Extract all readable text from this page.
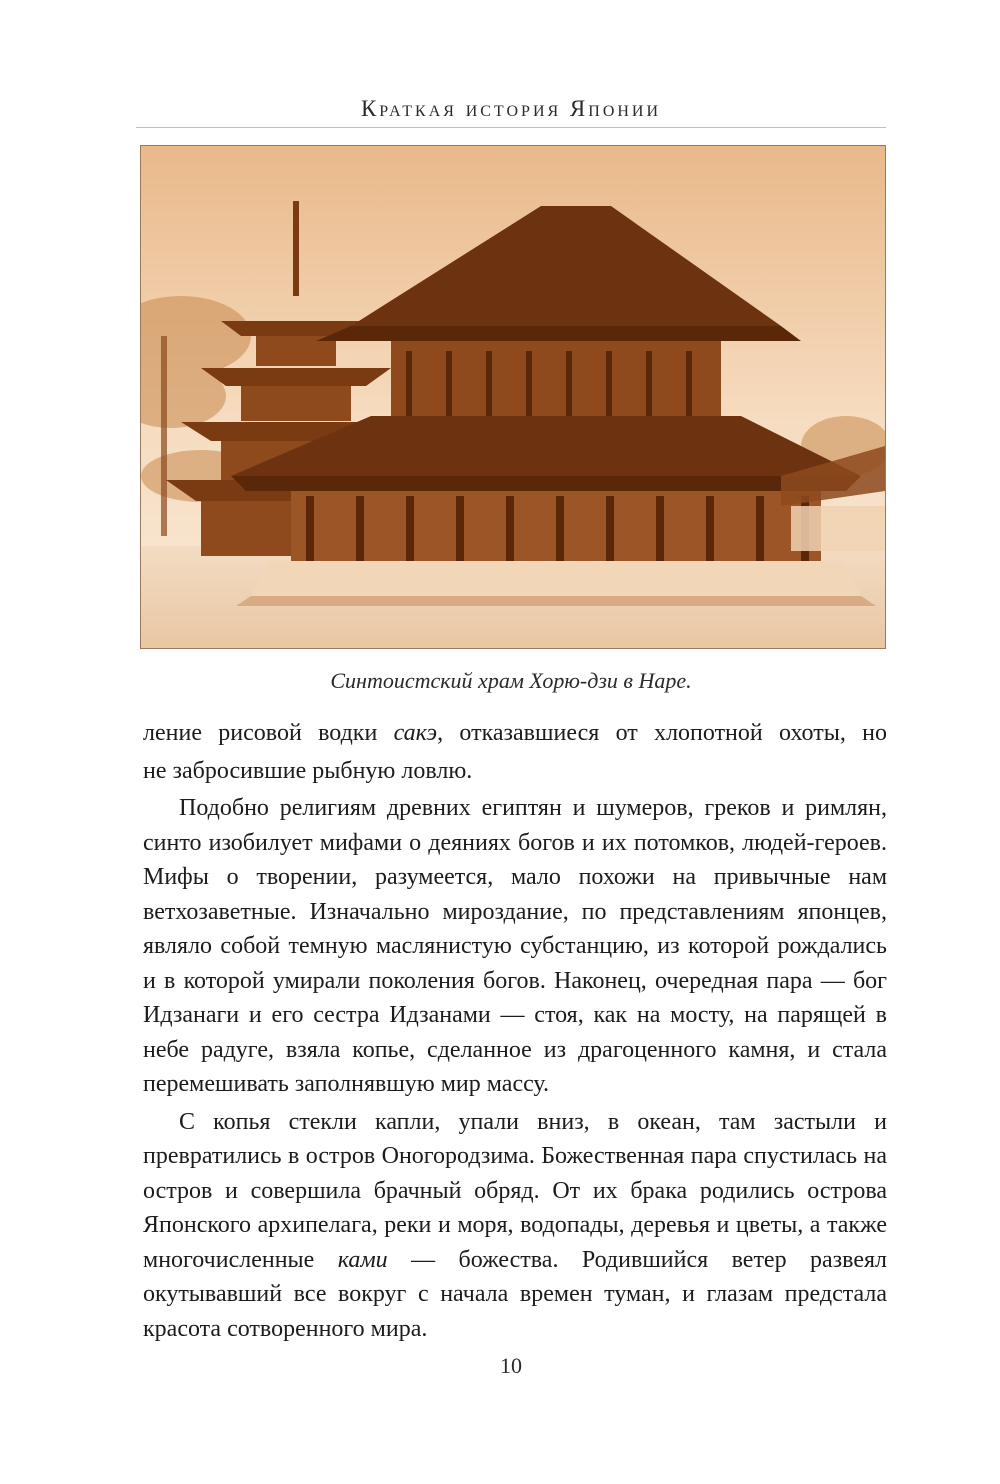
Краткая история Японии
Синтоистский храм Хорю-дзи в Наре.

ление рисовой водки сакэ, отказавшиеся от хлопотной охоты, но

не забросившие рыбную ловлю.

Подобно религиям древних египтян и шумеров, греков и римлян, синто изобилует мифами о деяниях богов и их потомков, людей-героев. Мифы о творении, разумеется, мало похожи на привычные нам ветхозаветные. Изначально мироздание, по представлениям японцев, являло собой темную маслянистую субстанцию, из которой рождались и в которой умирали поколения богов. Наконец, очередная пара — бог Идзанаги и его сестра Идзанами — стоя, как на мосту, на парящей в небе радуге, взяла копье, сделанное из драгоценного камня, и стала перемешивать заполнявшую мир массу.

С копья стекли капли, упали вниз, в океан, там застыли и превратились в остров Оногородзима. Божественная пара спустилась на остров и совершила брачный обряд. От их брака родились острова Японского архипелага, реки и моря, водопады, деревья и цветы, а также многочисленные ками — божества. Родившийся ветер развеял окутывавший все вокруг с начала времен туман, и глазам предстала красота сотворенного мира.

10
